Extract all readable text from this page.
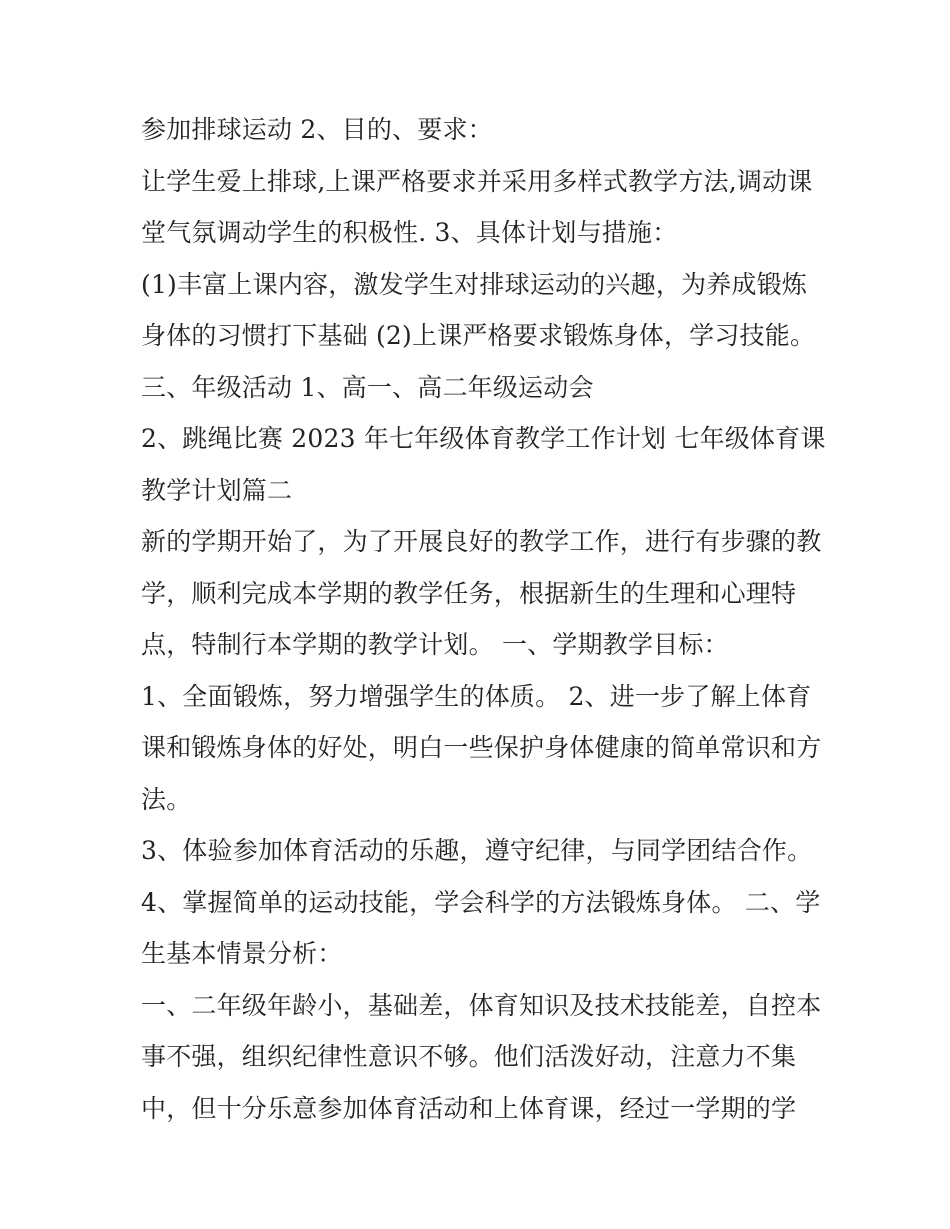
参加排球运动 2、目的、要求：
让学生爱上排球,上课严格要求并采用多样式教学方法,调动课
堂气氛调动学生的积极性. 3、具体计划与措施：
(1)丰富上课内容，激发学生对排球运动的兴趣，为养成锻炼
身体的习惯打下基础 (2)上课严格要求锻炼身体，学习技能。
三、年级活动 1、高一、高二年级运动会
2、跳绳比赛 2023 年七年级体育教学工作计划 七年级体育课
教学计划篇二
新的学期开始了，为了开展良好的教学工作，进行有步骤的教
学，顺利完成本学期的教学任务，根据新生的生理和心理特
点，特制行本学期的教学计划。 一、学期教学目标：
1、全面锻炼，努力增强学生的体质。 2、进一步了解上体育
课和锻炼身体的好处，明白一些保护身体健康的简单常识和方
法。
3、体验参加体育活动的乐趣，遵守纪律，与同学团结合作。
4、掌握简单的运动技能，学会科学的方法锻炼身体。 二、学
生基本情景分析：
一、二年级年龄小，基础差，体育知识及技术技能差，自控本
事不强，组织纪律性意识不够。他们活泼好动，注意力不集
中，但十分乐意参加体育活动和上体育课，经过一学期的学
